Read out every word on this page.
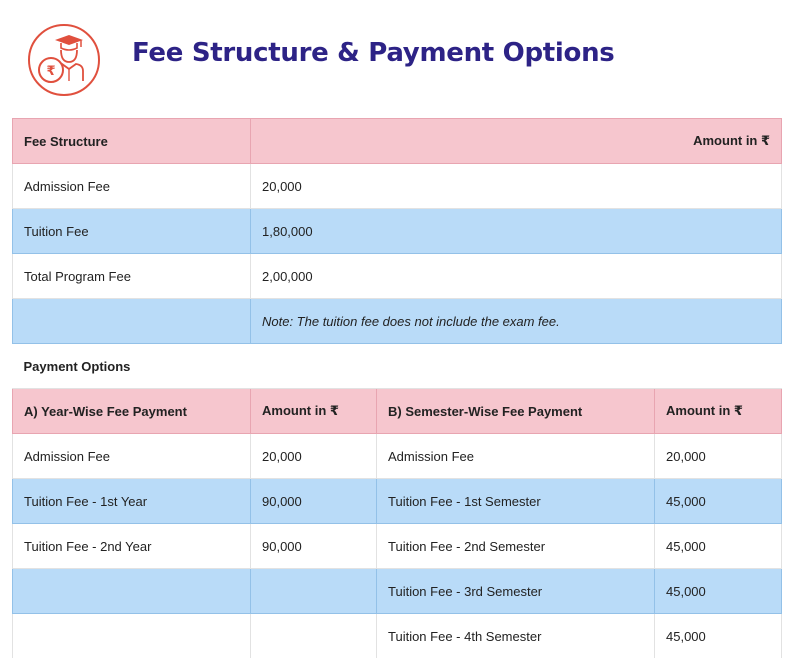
₹
Fee Structure & Payment Options
Fee Structure	Amount in ₹		
Admission Fee	20,000		
Tuition Fee	1,80,000		
Total Program Fee	2,00,000		
	Note: The tuition fee does not include the exam fee.		
Payment Options			
A) Year-Wise Fee Payment	Amount in ₹	B) Semester-Wise Fee Payment	Amount in ₹
Admission Fee	20,000	Admission Fee	20,000
Tuition Fee - 1st Year	90,000	Tuition Fee - 1st Semester	45,000
Tuition Fee - 2nd Year	90,000	Tuition Fee - 2nd Semester	45,000
		Tuition Fee - 3rd Semester	45,000
		Tuition Fee - 4th Semester	45,000
